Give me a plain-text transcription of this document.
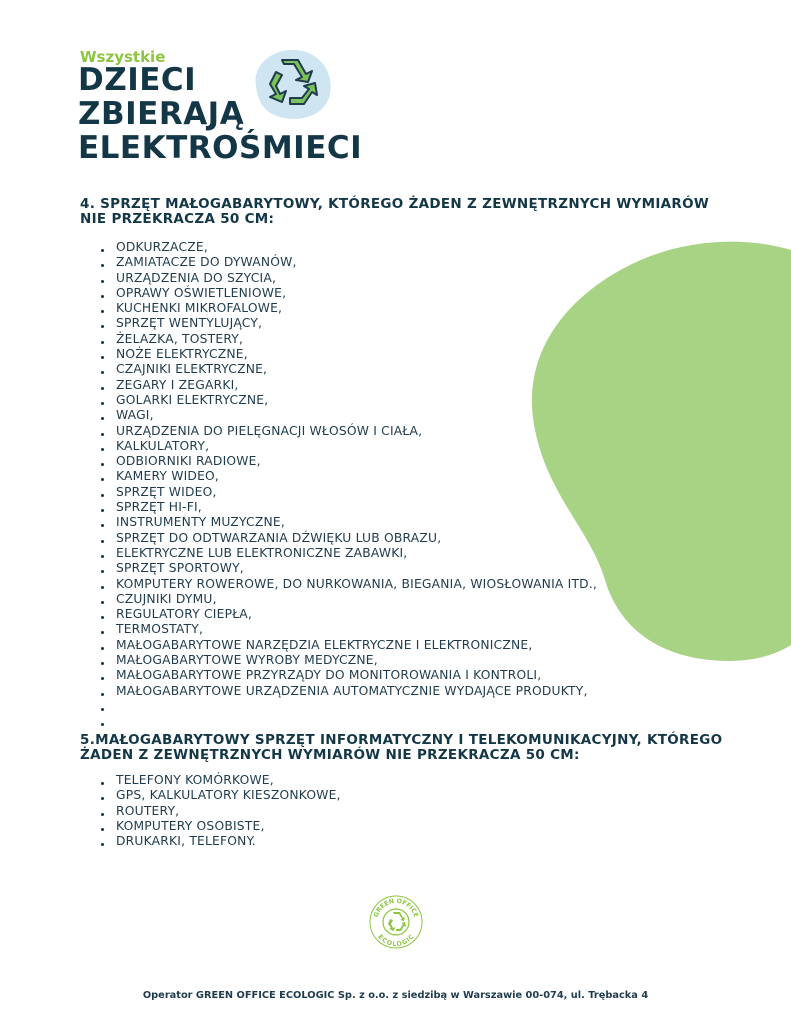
Wszystkie
DZIECI
ZBIERAJĄ
ELEKTROŚMIECI
4. SPRZĘT MAŁOGABARYTOWY, KTÓREGO ŻADEN Z ZEWNĘTRZNYCH WYMIARÓW
NIE PRZEKRACZA 50 CM:
ODKURZACZE,
ZAMIATACZE DO DYWANÓW,
URZĄDZENIA DO SZYCIA,
OPRAWY OŚWIETLENIOWE,
KUCHENKI MIKROFALOWE,
SPRZĘT WENTYLUJĄCY,
ŻELAZKA, TOSTERY,
NOŻE ELEKTRYCZNE,
CZAJNIKI ELEKTRYCZNE,
ZEGARY I ZEGARKI,
GOLARKI ELEKTRYCZNE,
WAGI,
URZĄDZENIA DO PIELĘGNACJI WŁOSÓW I CIAŁA,
KALKULATORY,
ODBIORNIKI RADIOWE,
KAMERY WIDEO,
SPRZĘT WIDEO,
SPRZĘT HI-FI,
INSTRUMENTY MUZYCZNE,
SPRZĘT DO ODTWARZANIA DŹWIĘKU LUB OBRAZU,
ELEKTRYCZNE LUB ELEKTRONICZNE ZABAWKI,
SPRZĘT SPORTOWY,
KOMPUTERY ROWEROWE, DO NURKOWANIA, BIEGANIA, WIOSŁOWANIA ITD.,
CZUJNIKI DYMU,
REGULATORY CIEPŁA,
TERMOSTATY,
MAŁOGABARYTOWE NARZĘDZIA ELEKTRYCZNE I ELEKTRONICZNE,
MAŁOGABARYTOWE WYROBY MEDYCZNE,
MAŁOGABARYTOWE PRZYRZĄDY DO MONITOROWANIA I KONTROLI,
MAŁOGABARYTOWE URZĄDZENIA AUTOMATYCZNIE WYDAJĄCE PRODUKTY,
5.MAŁOGABARYTOWY SPRZĘT INFORMATYCZNY I TELEKOMUNIKACYJNY, KTÓREGO
ŻADEN Z ZEWNĘTRZNYCH WYMIARÓW NIE PRZEKRACZA 50 CM:
TELEFONY KOMÓRKOWE,
GPS, KALKULATORY KIESZONKOWE,
ROUTERY,
KOMPUTERY OSOBISTE,
DRUKARKI, TELEFONY.
GREEN OFFICE
ECOLOGIC
Operator GREEN OFFICE ECOLOGIC Sp. z o.o. z siedzibą w Warszawie 00-074, ul. Trębacka 4
